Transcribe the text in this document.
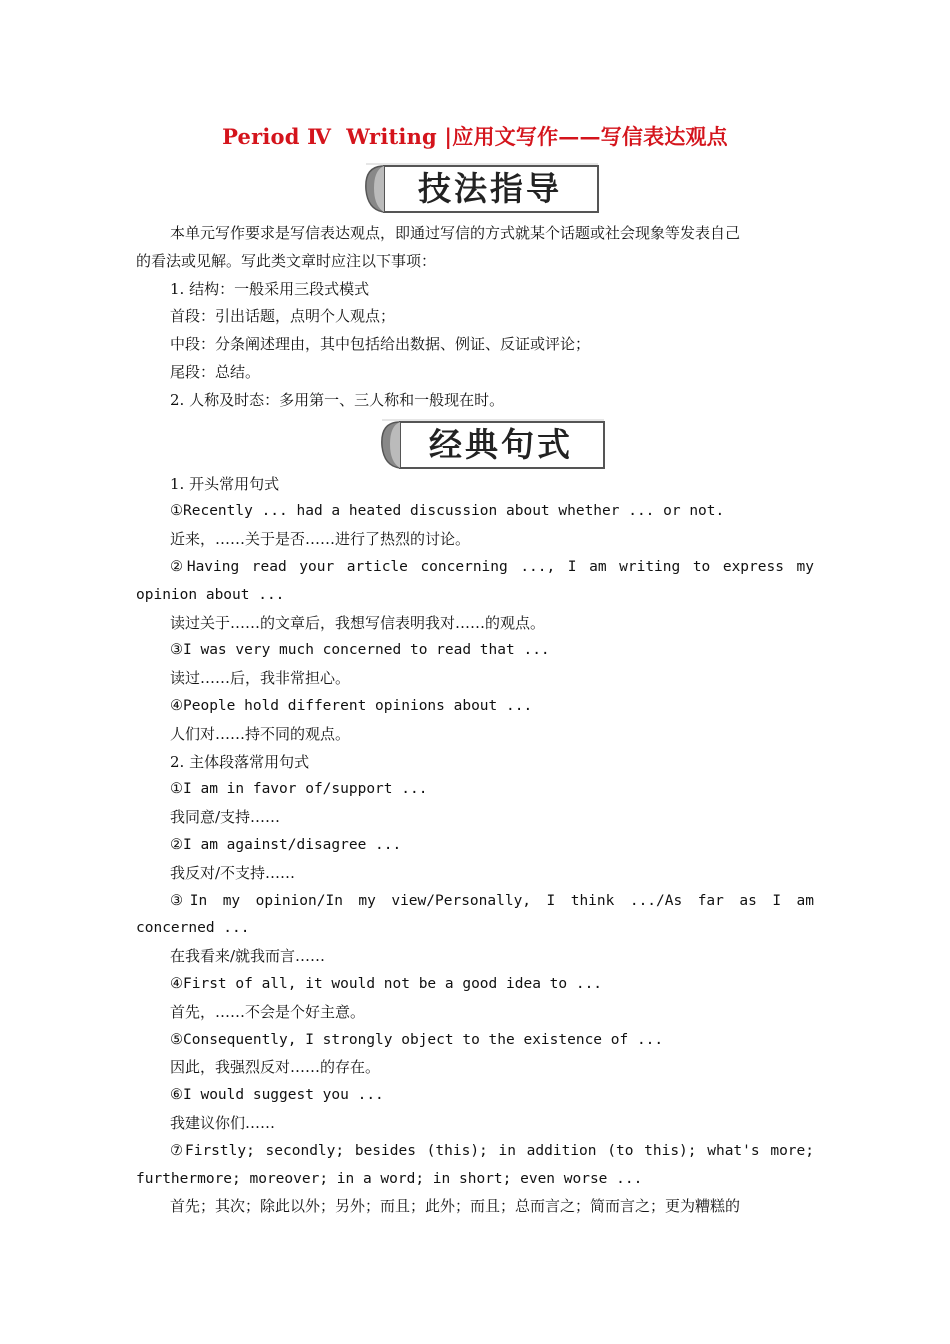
Period Ⅳ  Writing |应用文写作——写信表达观点
技法指导
经典句式
本单元写作要求是写信表达观点，即通过写信的方式就某个话题或社会现象等发表自己
的看法或见解。写此类文章时应注以下事项：
1. 结构：一般采用三段式模式
首段：引出话题，点明个人观点；
中段：分条阐述理由，其中包括给出数据、例证、反证或评论；
尾段：总结。
2. 人称及时态：多用第一、三人称和一般现在时。
1. 开头常用句式
①Recently ... had a heated discussion about whether ... or not.
近来，……关于是否……进行了热烈的讨论。
②Having read your article concerning ..., I am writing to express my
opinion about ...
读过关于……的文章后，我想写信表明我对……的观点。
③I was very much concerned to read that ...
读过……后，我非常担心。
④People hold different opinions about ...
人们对……持不同的观点。
2. 主体段落常用句式
①I am in favor of/support ...
我同意/支持……
②I am against/disagree ...
我反对/不支持……
③In my opinion/In my view/Personally, I think .../As far as I am
concerned ...
在我看来/就我而言……
④First of all, it would not be a good idea to ...
首先，……不会是个好主意。
⑤Consequently, I strongly object to the existence of ...
因此，我强烈反对……的存在。
⑥I would suggest you ...
我建议你们……
⑦Firstly; secondly; besides (this); in addition (to this); what's more;
furthermore; moreover; in a word; in short; even worse ...
首先；其次；除此以外；另外；而且；此外；而且；总而言之；简而言之；更为糟糕的
